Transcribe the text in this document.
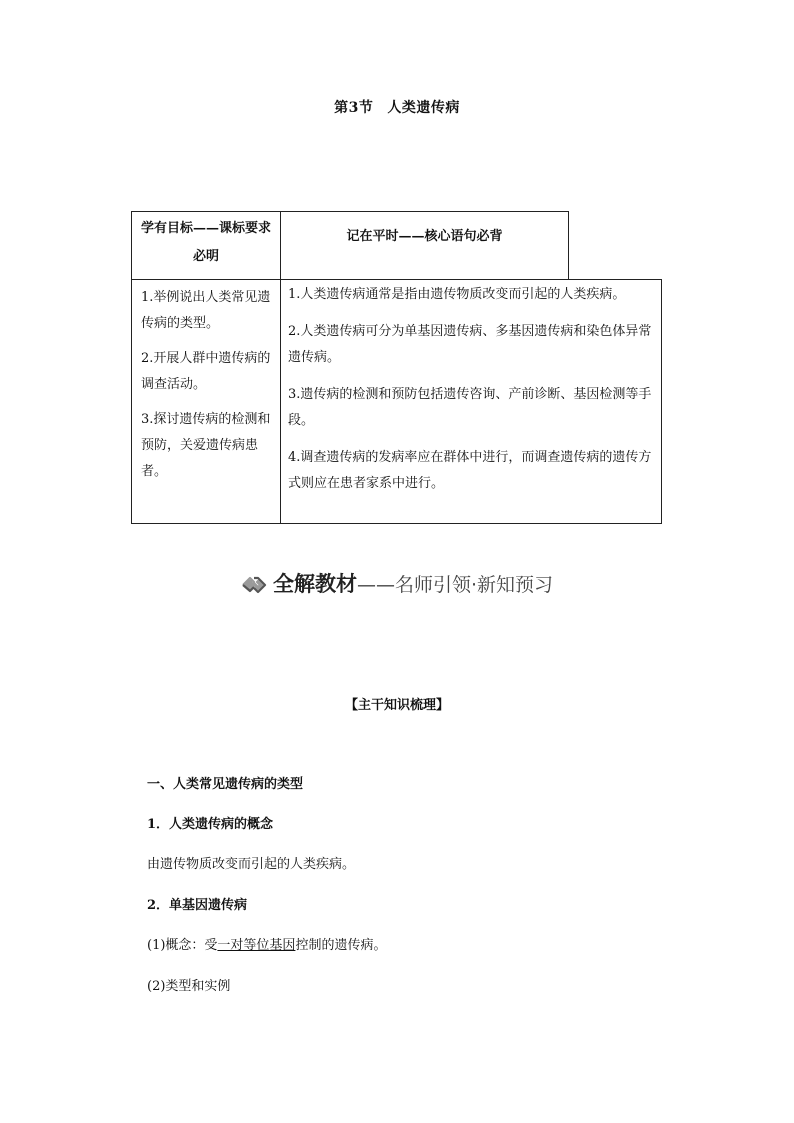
第3节 人类遗传病
学有目标——课标要求必明
记在平时——核心语句必背

1.举例说出人类常见遗传病的类型。

2.开展人群中遗传病的调查活动。

3.探讨遗传病的检测和预防，关爱遗传病患者。

1.人类遗传病通常是指由遗传物质改变而引起的人类疾病。

2.人类遗传病可分为单基因遗传病、多基因遗传病和染色体异常遗传病。

3.遗传病的检测和预防包括遗传咨询、产前诊断、基因检测等手段。

4.调查遗传病的发病率应在群体中进行，而调查遗传病的遗传方式则应在患者家系中进行。

全解教材——名师引领·新知预习
【主干知识梳理】
一、人类常见遗传病的类型
1．人类遗传病的概念
由遗传物质改变而引起的人类疾病。
2．单基因遗传病
(1)概念：受一对等位基因控制的遗传病。
(2)类型和实例
